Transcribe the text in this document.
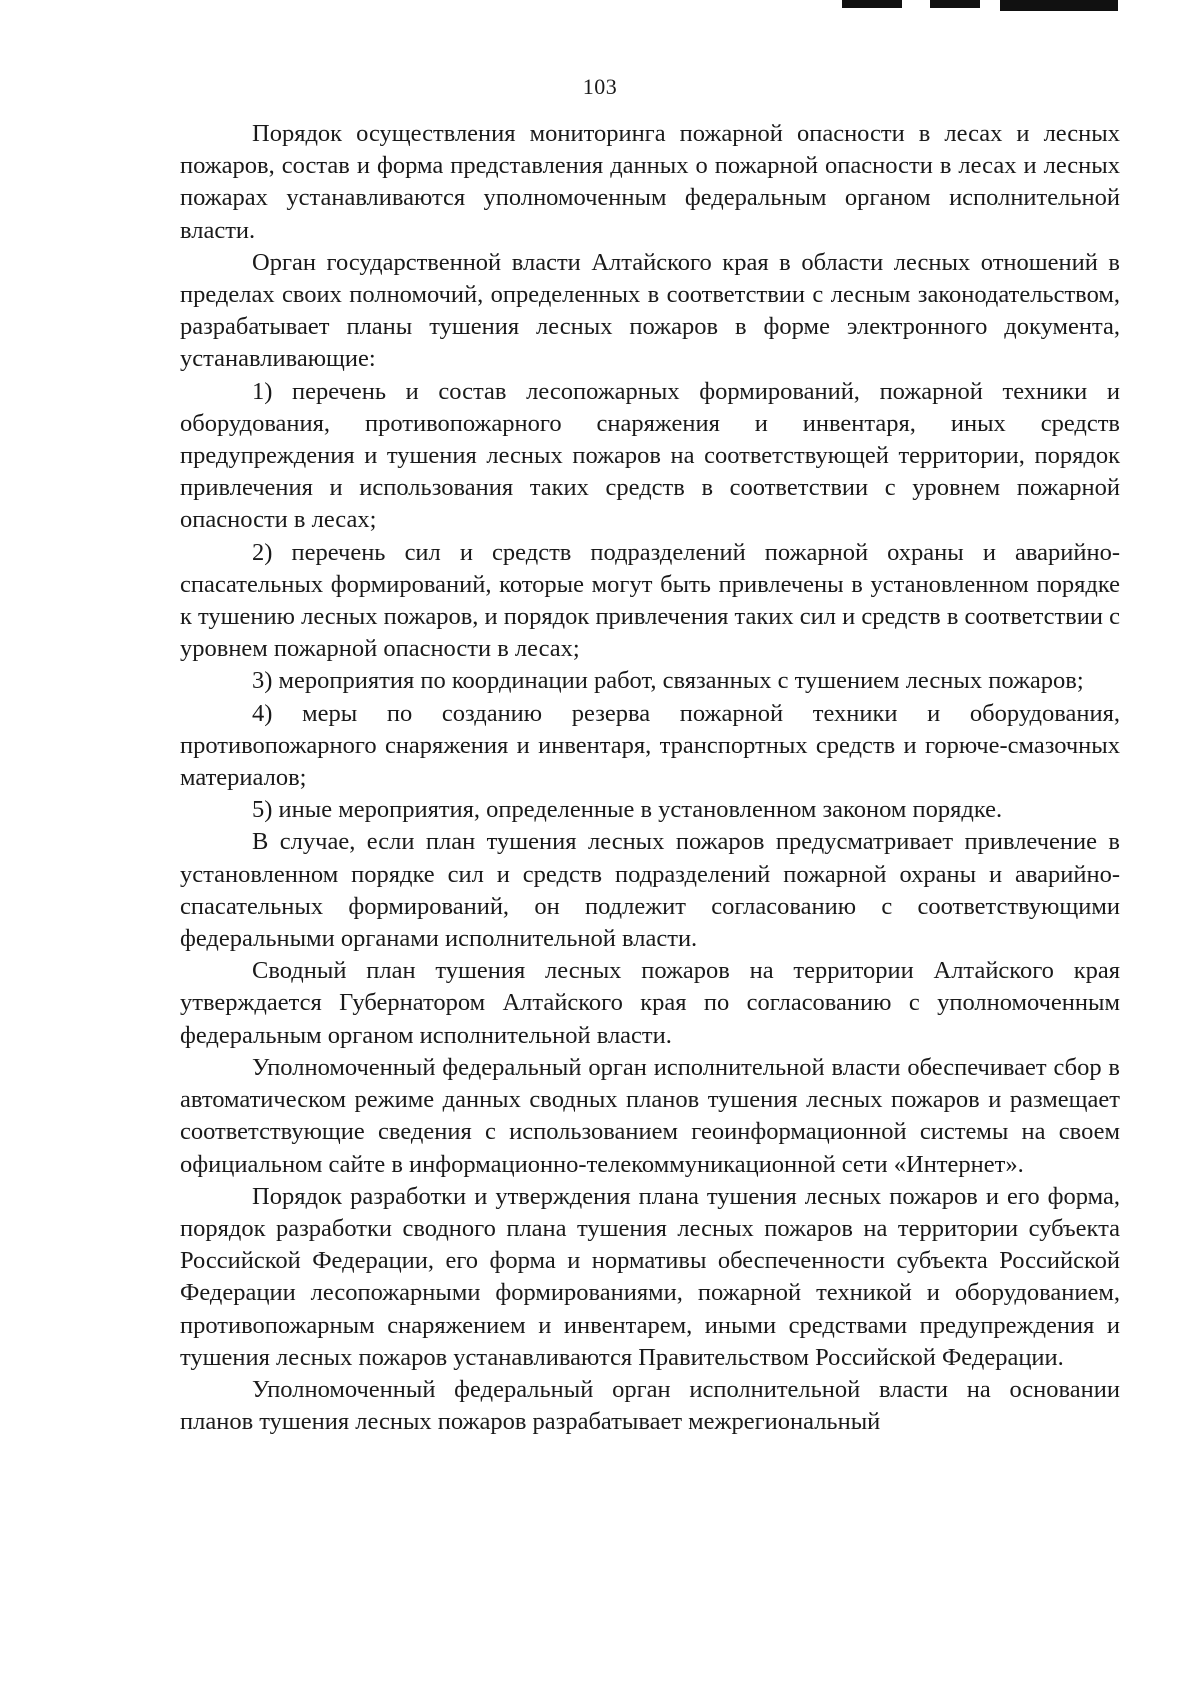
103

Порядок осуществления мониторинга пожарной опасности в лесах и лесных пожаров, состав и форма представления данных о пожарной опасности в лесах и лесных пожарах устанавливаются уполномоченным федеральным органом исполнительной власти.

Орган государственной власти Алтайского края в области лесных отношений в пределах своих полномочий, определенных в соответствии с лесным законодательством, разрабатывает планы тушения лесных пожаров в форме электронного документа, устанавливающие:

1) перечень и состав лесопожарных формирований, пожарной техники и оборудования, противопожарного снаряжения и инвентаря, иных средств предупреждения и тушения лесных пожаров на соответствующей территории, порядок привлечения и использования таких средств в соответствии с уровнем пожарной опасности в лесах;

2) перечень сил и средств подразделений пожарной охраны и аварийно-спасательных формирований, которые могут быть привлечены в установленном порядке к тушению лесных пожаров, и порядок привлечения таких сил и средств в соответствии с уровнем пожарной опасности в лесах;

3) мероприятия по координации работ, связанных с тушением лесных пожаров;

4) меры по созданию резерва пожарной техники и оборудования, противопожарного снаряжения и инвентаря, транспортных средств и горюче-смазочных материалов;

5) иные мероприятия, определенные в установленном законом порядке.

В случае, если план тушения лесных пожаров предусматривает привлечение в установленном порядке сил и средств подразделений пожарной охраны и аварийно-спасательных формирований, он подлежит согласованию с соответствующими федеральными органами исполнительной власти.

Сводный план тушения лесных пожаров на территории Алтайского края утверждается Губернатором Алтайского края по согласованию с уполномоченным федеральным органом исполнительной власти.

Уполномоченный федеральный орган исполнительной власти обеспечивает сбор в автоматическом режиме данных сводных планов тушения лесных пожаров и размещает соответствующие сведения с использованием геоинформационной системы на своем официальном сайте в информационно-телекоммуникационной сети «Интернет».

Порядок разработки и утверждения плана тушения лесных пожаров и его форма, порядок разработки сводного плана тушения лесных пожаров на территории субъекта Российской Федерации, его форма и нормативы обеспеченности субъекта Российской Федерации лесопожарными формированиями, пожарной техникой и оборудованием, противопожарным снаряжением и инвентарем, иными средствами предупреждения и тушения лесных пожаров устанавливаются Правительством Российской Федерации.

Уполномоченный федеральный орган исполнительной власти на основании планов тушения лесных пожаров разрабатывает межрегиональный
